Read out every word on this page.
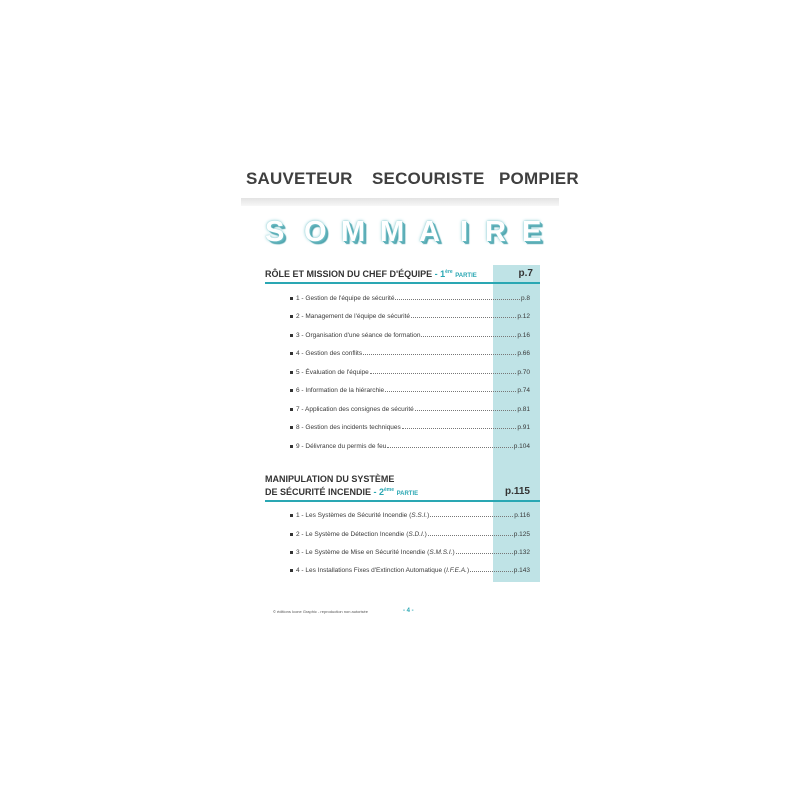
SAUVETEUR SECOURISTE POMPIER
S O M M A I R E
RÔLE ET MISSION DU CHEF D'ÉQUIPE - 1ère PARTIE	p.7
1 - Gestion de l'équipe de sécurité	p.8
2 - Management de l'équipe de sécurité	p.12
3 - Organisation d'une séance de formation	p.16
4 - Gestion des conflits	p.66
5 - Évaluation de l'équipe	p.70
6 - Information de la hiérarchie	p.74
7 - Application des consignes de sécurité	p.81
8 - Gestion des incidents techniques	p.91
9 - Délivrance du permis de feu	p.104
MANIPULATION DU SYSTÈME
DE SÉCURITÉ INCENDIE - 2ème PARTIE	p.115
1 - Les Systèmes de Sécurité Incendie (S.S.I.)	p.116
2 - Le Système de Détection Incendie (S.D.I.)	p.125
3 - Le Système de Mise en Sécurité Incendie (S.M.S.I.)	p.132
4 - Les Installations Fixes d'Extinction Automatique (I.F.E.A.)	p.143
© éditions Icone Graphic - reproduction non autorisée	- 4 -
